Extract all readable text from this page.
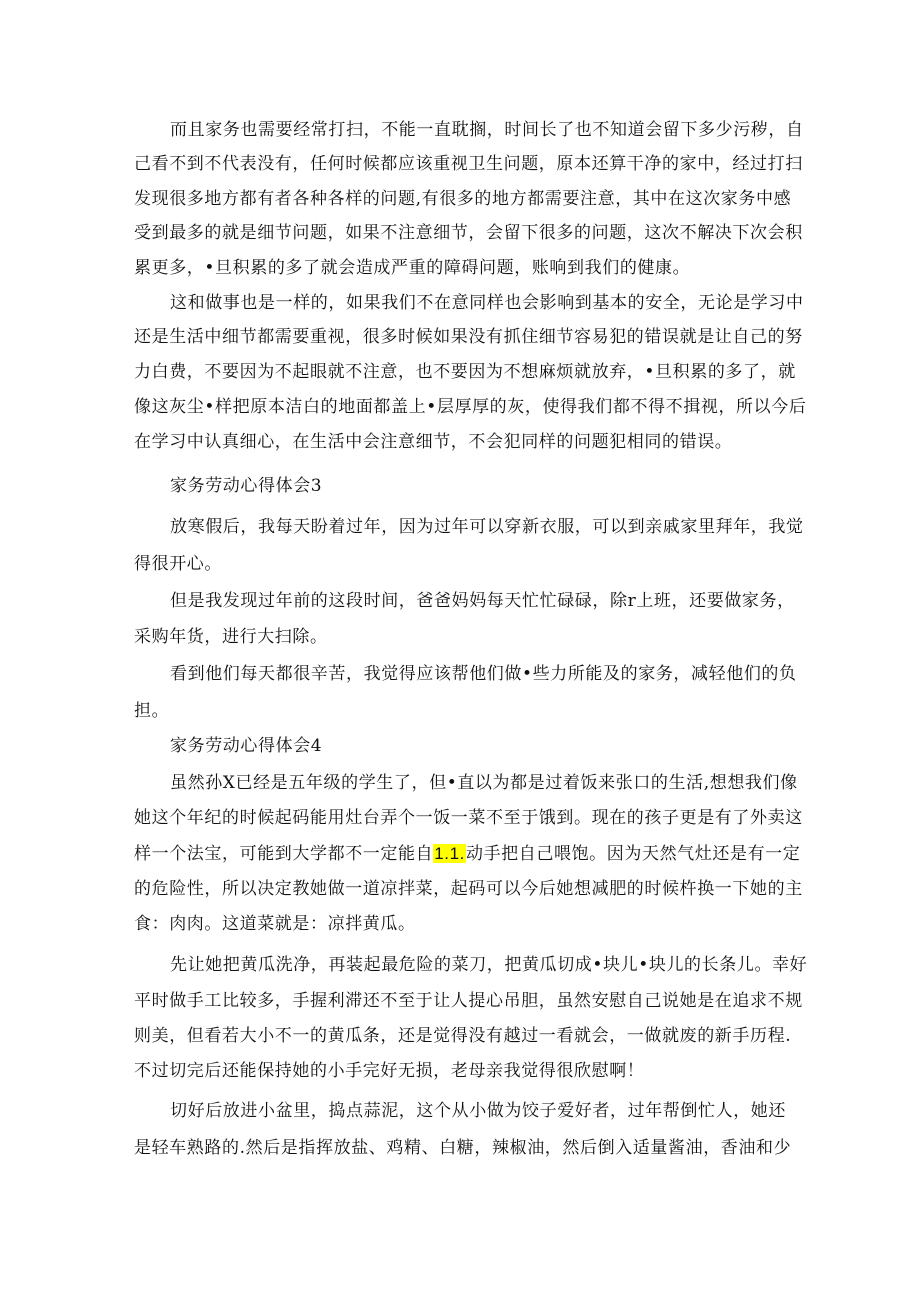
而且家务也需要经常打扫，不能一直耽搁，时间长了也不知道会留下多少污秽，自
己看不到不代表没有，任何时候都应该重视卫生问题，原本还算干净的家中，经过打扫
发现很多地方都有者各种各样的问题,有很多的地方都需要注意，其中在这次家务中感
受到最多的就是细节问题，如果不注意细节，会留下很多的问题，这次不解决下次会积
累更多，•旦积累的多了就会造成严重的障碍问题，账响到我们的健康。
这和做事也是一样的，如果我们不在意同样也会影响到基本的安全，无论是学习中
还是生活中细节都需要重视，很多时候如果没有抓住细节容易犯的错误就是让自己的努
力白费，不要因为不起眼就不注意，也不要因为不想麻烦就放弃，•旦积累的多了，就
像这灰尘•样把原本洁白的地面都盖上•层厚厚的灰，使得我们都不得不揖视，所以今后
在学习中认真细心，在生活中会注意细节，不会犯同样的问题犯相同的错误。
家务劳动心得体会3
放寒假后，我每天盼着过年，因为过年可以穿新衣服，可以到亲戚家里拜年，我觉
得很开心。
但是我发现过年前的这段时间，爸爸妈妈每天忙忙碌碌，除r上班，还要做家务，
采购年货，进行大扫除。
看到他们每天都很辛苦，我觉得应该帮他们做•些力所能及的家务，减轻他们的负
担。
家务劳动心得体会4
虽然孙X已经是五年级的学生了，但•直以为都是过着饭来张口的生活,想想我们像
她这个年纪的时候起码能用灶台弄个一饭一菜不至于饿到。现在的孩子更是有了外卖这
样一个法宝，可能到大学都不一定能自1.1.动手把自己喂饱。因为天然气灶还是有一定
的危险性，所以决定教她做一道凉拌菜，起码可以今后她想减肥的时候杵换一下她的主
食：肉肉。这道菜就是：凉拌黄瓜。
先让她把黄瓜洗净，再装起最危险的菜刀，把黄瓜切成•块儿•块儿的长条儿。幸好
平时做手工比较多，手握利滞还不至于让人提心吊胆，虽然安慰自己说她是在追求不规
则美，但看若大小不一的黄瓜条，还是觉得没有越过一看就会，一做就废的新手历程.
不过切完后还能保持她的小手完好无损，老母亲我觉得很欣慰啊！
切好后放进小盆里，捣点蒜泥，这个从小做为饺子爱好者，过年帮倒忙人，她还
是轻车熟路的.然后是指挥放盐、鸡精、白糖，辣椒油，然后倒入适量酱油，香油和少
